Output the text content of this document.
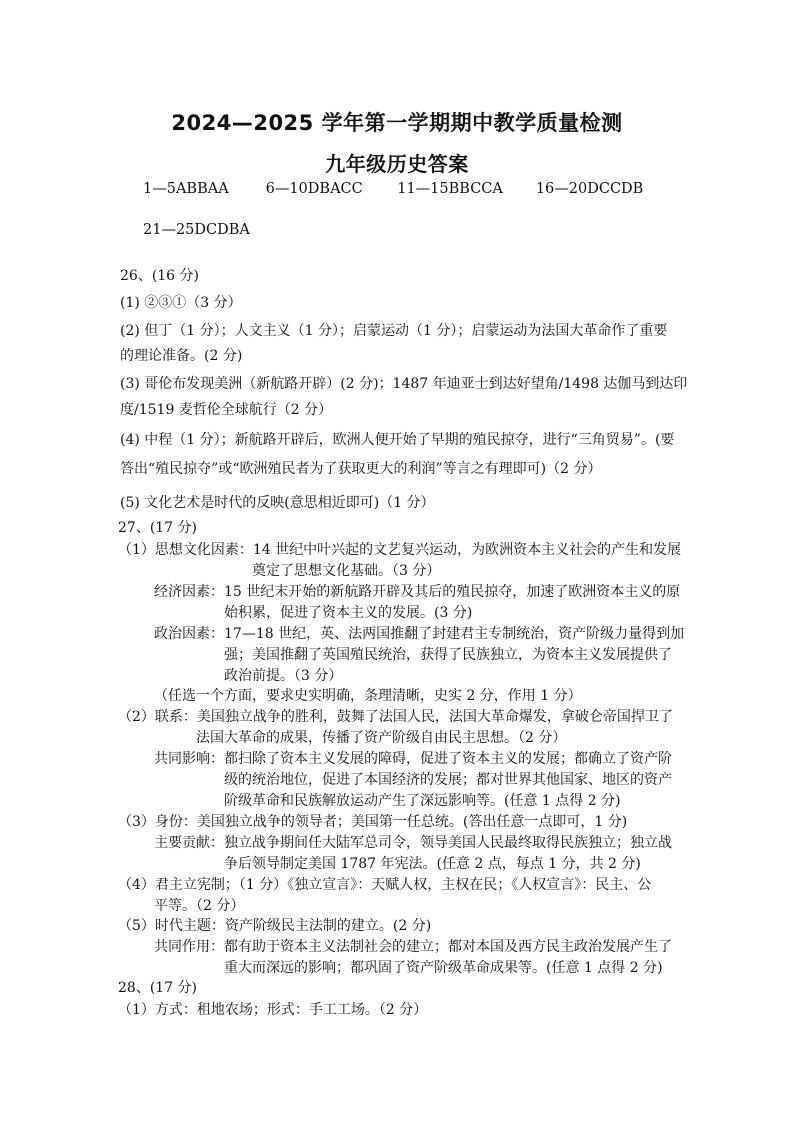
2024—2025 学年第一学期期中教学质量检测
九年级历史答案
1—5ABBAA	6—10DBACC 11—15BBCCA 16—20DCCDB
21—25DCDBA
26、(16 分)
(1) ②③①（3 分）
(2) 但丁（1 分）；人文主义（1 分）；启蒙运动（1 分）；启蒙运动为法国大革命作了重要
的理论准备。(2 分)
(3) 哥伦布发现美洲（新航路开辟）(2 分)；1487 年迪亚士到达好望角/1498 达伽马到达印
度/1519 麦哲伦全球航行（2 分）
(4) 中程（1 分）；新航路开辟后，欧洲人便开始了早期的殖民掠夺，进行“三角贸易”。(要
答出“殖民掠夺”或“欧洲殖民者为了获取更大的利润”等言之有理即可)（2 分）
(5) 文化艺术是时代的反映(意思相近即可)（1 分）
27、(17 分)
（1）思想文化因素：14 世纪中叶兴起的文艺复兴运动，为欧洲资本主义社会的产生和发展
奠定了思想文化基础。（3 分）
经济因素：15 世纪末开始的新航路开辟及其后的殖民掠夺，加速了欧洲资本主义的原
始积累，促进了资本主义的发展。(3 分)
政治因素：17—18 世纪，英、法两国推翻了封建君主专制统治，资产阶级力量得到加
强；美国推翻了英国殖民统治，获得了民族独立，为资本主义发展提供了
政治前提。（3 分）
（任选一个方面，要求史实明确，条理清晰，史实 2 分，作用 1 分）
（2）联系：美国独立战争的胜利，鼓舞了法国人民，法国大革命爆发，拿破仑帝国捍卫了
法国大革命的成果，传播了资产阶级自由民主思想。（2 分）
共同影响：都扫除了资本主义发展的障碍，促进了资本主义的发展；都确立了资产阶
级的统治地位，促进了本国经济的发展；都对世界其他国家、地区的资产
阶级革命和民族解放运动产生了深远影响等。(任意 1 点得 2 分)
（3）身份：美国独立战争的领导者；美国第一任总统。(答出任意一点即可，1 分)
主要贡献：独立战争期间任大陆军总司令，领导美国人民最终取得民族独立；独立战
争后领导制定美国 1787 年宪法。(任意 2 点，每点 1 分，共 2 分)
（4）君主立宪制；（1 分）《独立宣言》：天赋人权，主权在民；《人权宣言》：民主、公
平等。（2 分）
（5）时代主题：资产阶级民主法制的建立。(2 分)
共同作用：都有助于资本主义法制社会的建立；都对本国及西方民主政治发展产生了
重大而深远的影响；都巩固了资产阶级革命成果等。(任意 1 点得 2 分)
28、(17 分)
（1）方式：租地农场；形式：手工工场。（2 分）
